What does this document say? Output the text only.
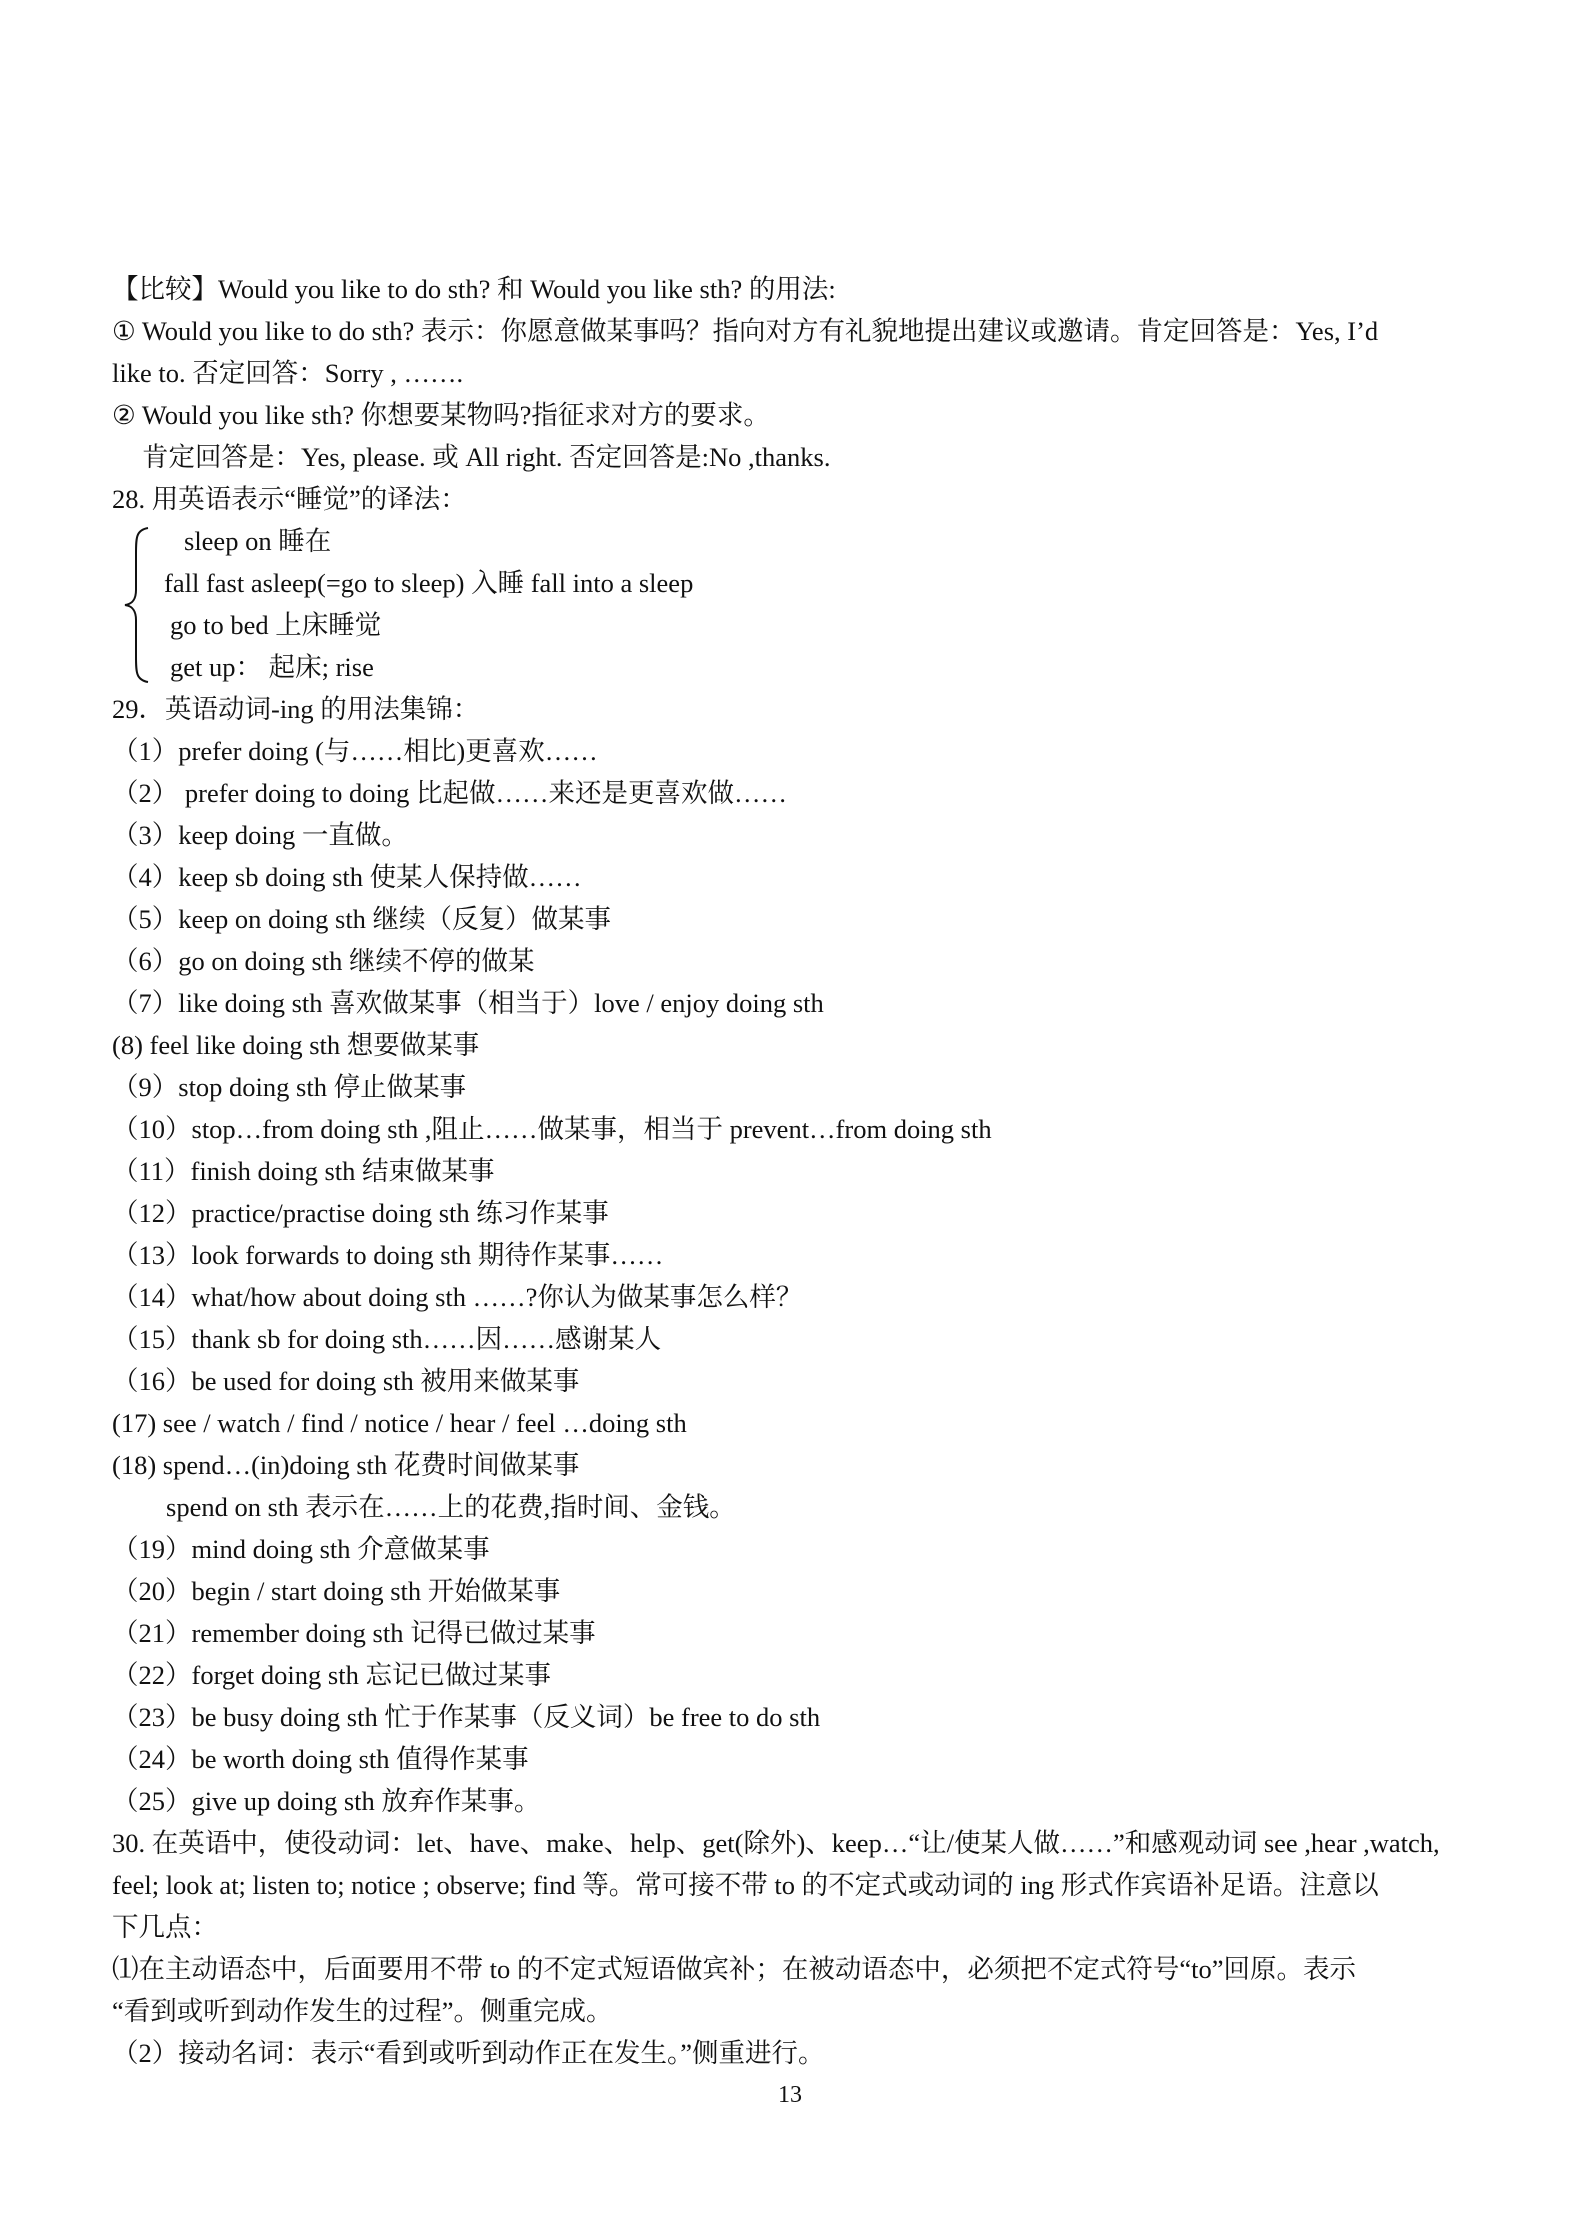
【比较】Would you like to do sth? 和 Would you like sth? 的用法:
① Would you like to do sth? 表示：你愿意做某事吗？指向对方有礼貌地提出建议或邀请。肯定回答是：Yes, I’d
like to. 否定回答：Sorry , …….
② Would you like sth? 你想要某物吗?指征求对方的要求。
肯定回答是：Yes, please. 或 All right. 否定回答是:No ,thanks.
28. 用英语表示“睡觉”的译法：
sleep on 睡在
fall fast asleep(=go to sleep) 入睡 fall into a sleep
go to bed 上床睡觉
get up： 起床; rise
29．英语动词-ing 的用法集锦：
（1）prefer doing (与……相比)更喜欢……
（2） prefer doing to doing 比起做……来还是更喜欢做……
（3）keep doing 一直做。
（4）keep sb doing sth 使某人保持做……
（5）keep on doing sth 继续（反复）做某事
（6）go on doing sth 继续不停的做某
（7）like doing sth 喜欢做某事（相当于）love / enjoy doing sth
(8) feel like doing sth 想要做某事
（9）stop doing sth 停止做某事
（10）stop…from doing sth ,阻止……做某事，相当于 prevent…from doing sth
（11）finish doing sth 结束做某事
（12）practice/practise doing sth 练习作某事
（13）look forwards to doing sth 期待作某事……
（14）what/how about doing sth ……?你认为做某事怎么样？
（15）thank sb for doing sth……因……感谢某人
（16）be used for doing sth 被用来做某事
(17) see / watch / find / notice / hear / feel …doing sth
(18) spend…(in)doing sth 花费时间做某事
spend on sth 表示在……上的花费,指时间、金钱。
（19）mind doing sth 介意做某事
（20）begin / start doing sth 开始做某事
（21）remember doing sth 记得已做过某事
（22）forget doing sth 忘记已做过某事
（23）be busy doing sth 忙于作某事（反义词）be free to do sth
（24）be worth doing sth 值得作某事
（25）give up doing sth 放弃作某事。
30. 在英语中，使役动词：let、have、make、help、get(除外)、keep…“让/使某人做……”和感观动词 see ,hear ,watch,
feel; look at; listen to; notice ; observe; find 等。常可接不带 to 的不定式或动词的 ing 形式作宾语补足语。注意以
下几点：
⑴在主动语态中，后面要用不带 to 的不定式短语做宾补；在被动语态中，必须把不定式符号“to”回原。表示
“看到或听到动作发生的过程”。侧重完成。
（2）接动名词：表示“看到或听到动作正在发生。”侧重进行。
13
